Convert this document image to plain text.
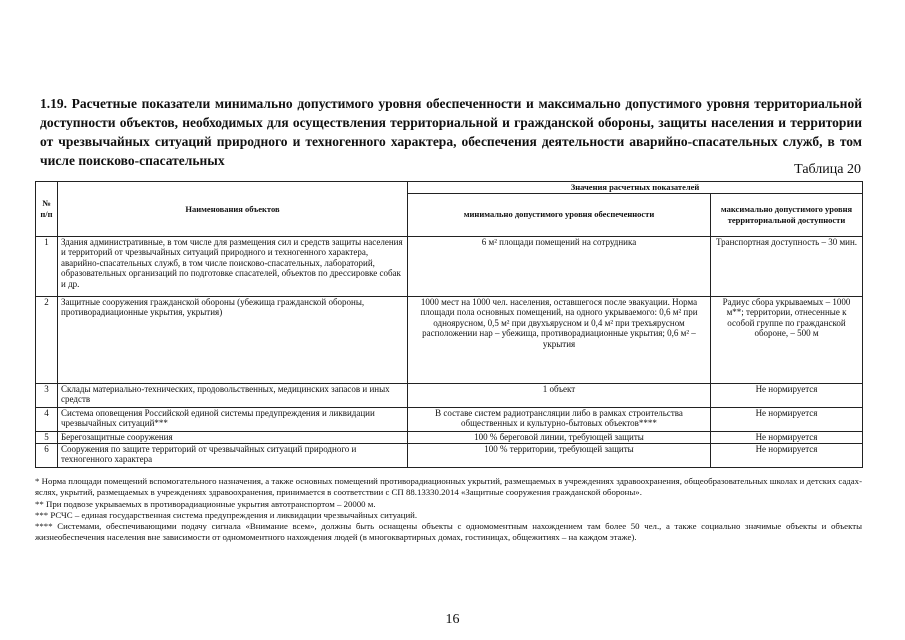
1.19. Расчетные показатели минимально допустимого уровня обеспеченности и максимально допустимого уровня территориальной доступности объектов, необходимых для осуществления территориальной и гражданской обороны, защиты населения и территории от чрезвычайных ситуаций природного и техногенного характера, обеспечения деятельности аварийно-спасательных служб, в том числе поисково-спасательных
Таблица 20
№ п/п	Наименования объектов	Значения расчетных показателей	
		минимально допустимого уровня обеспеченности	максимально допустимого уровня территориальной доступности
1	Здания административные, в том числе для размещения сил и средств защиты населения и территорий от чрезвычайных ситуаций природного и техногенного характера, аварийно-спасательных служб, в том числе поисково-спасательных, лабораторий, образовательных организаций по подготовке спасателей, объектов по дрессировке собак и др.	6 м² площади помещений на сотрудника	Транспортная доступность – 30 мин.
2	Защитные сооружения гражданской обороны (убежища гражданской обороны, противорадиационные укрытия, укрытия)	1000 мест на 1000 чел. населения, оставшегося после эвакуации. Норма площади пола основных помещений, на одного укрываемого: 0,6 м² при одноярусном, 0,5 м² при двухъярусном и 0,4 м² при трехъярусном расположении нар – убежища, противорадиационные укрытия; 0,6 м² – укрытия	Радиус сбора укрываемых – 1000 м**; территории, отнесенные к особой группе по гражданской обороне, – 500 м
3	Склады материально-технических, продовольственных, медицинских запасов и иных средств	1 объект	Не нормируется
4	Система оповещения Российской единой системы предупреждения и ликвидации чрезвычайных ситуаций***	В составе систем радиотрансляции либо в рамках строительства общественных и культурно-бытовых объектов****	Не нормируется
5	Берегозащитные сооружения	100 % береговой линии, требующей защиты	Не нормируется
6	Сооружения по защите территорий от чрезвычайных ситуаций природного и техногенного характера	100 % территории, требующей защиты	Не нормируется

* Норма площади помещений вспомогательного назначения, а также основных помещений противорадиационных укрытий, размещаемых в учреждениях здравоохранения, общеобразовательных школах и детских садах-яслях, укрытий, размещаемых в учреждениях здравоохранения, принимается в соответствии с СП 88.13330.2014 «Защитные сооружения гражданской обороны».

** При подвозе укрываемых в противорадиационные укрытия автотранспортом – 20000 м.

*** РСЧС – единая государственная система предупреждения и ликвидации чрезвычайных ситуаций.

**** Системами, обеспечивающими подачу сигнала «Внимание всем», должны быть оснащены объекты с одномоментным нахождением там более 50 чел., а также социально значимые объекты и объекты жизнеобеспечения населения вне зависимости от одномоментного нахождения людей (в многоквартирных домах, гостиницах, общежитиях – на каждом этаже).

16
